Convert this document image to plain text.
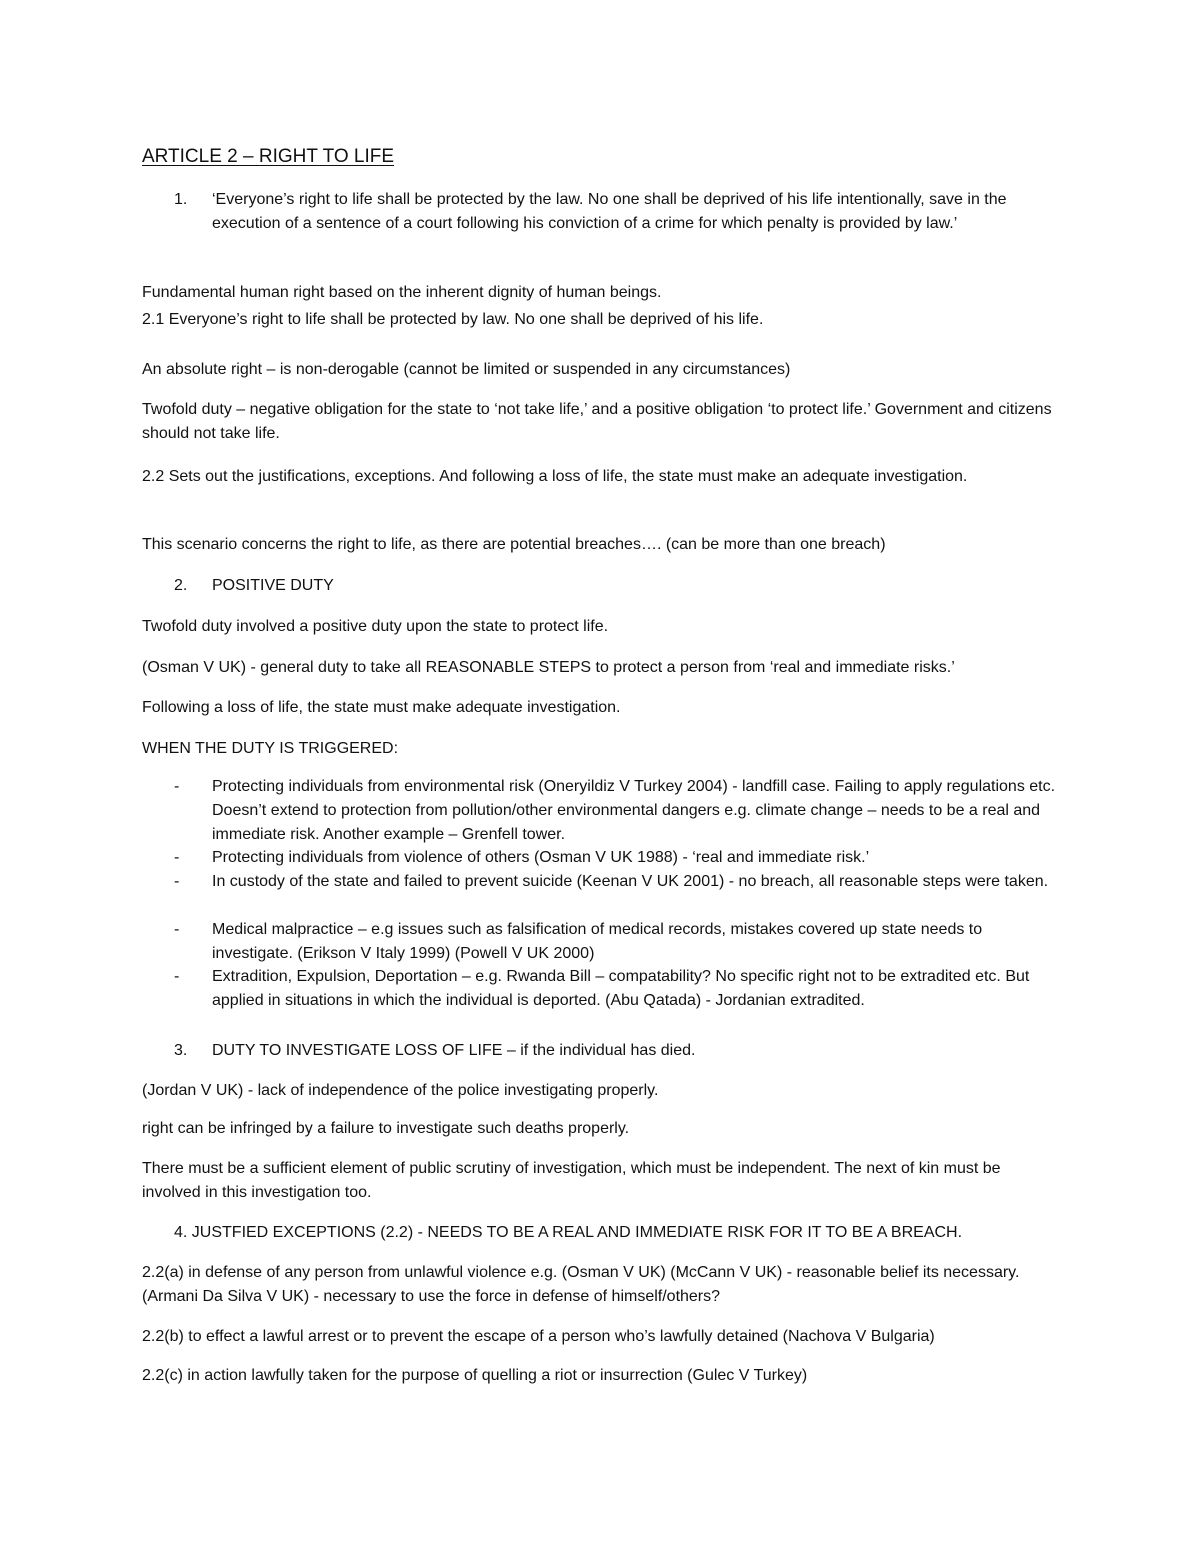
ARTICLE 2 – RIGHT TO LIFE

1.	‘Everyone’s right to life shall be protected by the law. No one shall be deprived of his life intentionally, save in the execution of a sentence of a court following his conviction of a crime for which penalty is provided by law.’

Fundamental human right based on the inherent dignity of human beings.

2.1 Everyone’s right to life shall be protected by law. No one shall be deprived of his life.

An absolute right – is non-derogable (cannot be limited or suspended in any circumstances)

Twofold duty – negative obligation for the state to ‘not take life,’ and a positive obligation ‘to protect life.’ Government and citizens should not take life.

2.2 Sets out the justifications, exceptions. And following a loss of life, the state must make an adequate investigation.

This scenario concerns the right to life, as there are potential breaches…. (can be more than one breach)

2.	POSITIVE DUTY

Twofold duty involved a positive duty upon the state to protect life.

(Osman V UK) - general duty to take all REASONABLE STEPS to protect a person from ‘real and immediate risks.’

Following a loss of life, the state must make adequate investigation.

WHEN THE DUTY IS TRIGGERED:

-	Protecting individuals from environmental risk (Oneryildiz V Turkey 2004) - landfill case. Failing to apply regulations etc. Doesn’t extend to protection from pollution/other environmental dangers e.g. climate change – needs to be a real and immediate risk. Another example – Grenfell tower.

-	Protecting individuals from violence of others (Osman V UK 1988) - ‘real and immediate risk.’

-	In custody of the state and failed to prevent suicide (Keenan V UK 2001) - no breach, all reasonable steps were taken.

-	Medical malpractice – e.g issues such as falsification of medical records, mistakes covered up state needs to investigate. (Erikson V Italy 1999) (Powell V UK 2000)

-	Extradition, Expulsion, Deportation – e.g. Rwanda Bill – compatability? No specific right not to be extradited etc. But applied in situations in which the individual is deported. (Abu Qatada) - Jordanian extradited.

3.	DUTY TO INVESTIGATE LOSS OF LIFE – if the individual has died.

(Jordan V UK) - lack of independence of the police investigating properly.

right can be infringed by a failure to investigate such deaths properly.

There must be a sufficient element of public scrutiny of investigation, which must be independent. The next of kin must be involved in this investigation too.

4. JUSTFIED EXCEPTIONS (2.2) - NEEDS TO BE A REAL AND IMMEDIATE RISK FOR IT TO BE A BREACH.

2.2(a) in defense of any person from unlawful violence e.g. (Osman V UK) (McCann V UK) - reasonable belief its necessary. (Armani Da Silva V UK) - necessary to use the force in defense of himself/others?

2.2(b) to effect a lawful arrest or to prevent the escape of a person who’s lawfully detained (Nachova V Bulgaria)

2.2(c) in action lawfully taken for the purpose of quelling a riot or insurrection (Gulec V Turkey)
